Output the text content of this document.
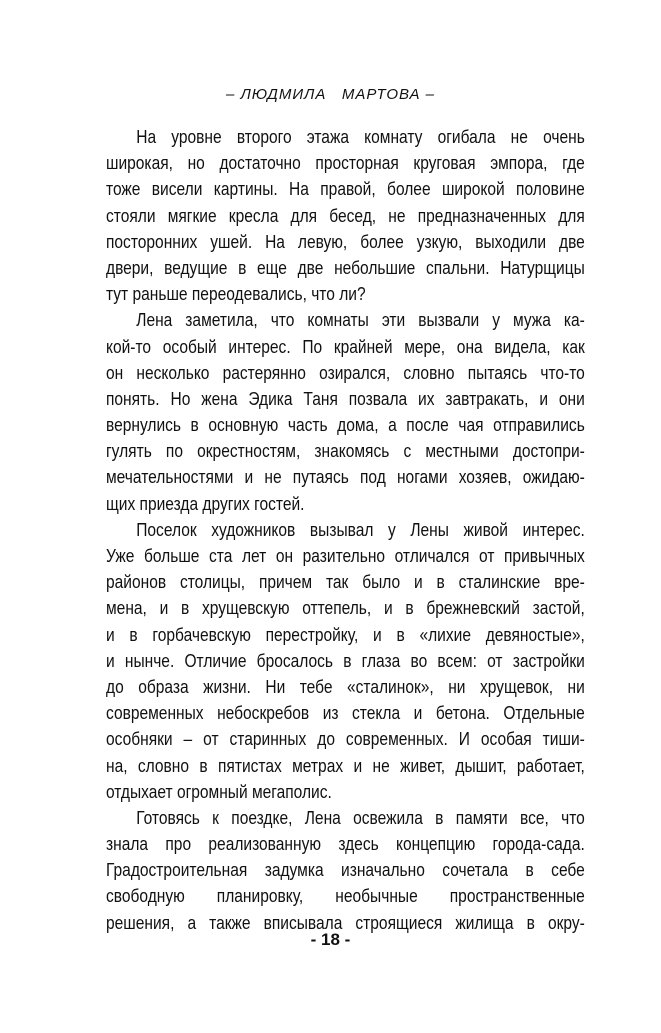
– ЛЮДМИЛА   МАРТОВА –
На уровне второго этажа комнату огибала не очень
широкая, но достаточно просторная круговая эмпора, где
тоже висели картины. На правой, более широкой половине
стояли мягкие кресла для бесед, не предназначенных для
посторонних ушей. На левую, более узкую, выходили две
двери, ведущие в еще две небольшие спальни. Натурщицы
тут раньше переодевались, что ли?
Лена заметила, что комнаты эти вызвали у мужа ка-
кой-то особый интерес. По крайней мере, она видела, как
он несколько растерянно озирался, словно пытаясь что-то
понять. Но жена Эдика Таня позвала их завтракать, и они
вернулись в основную часть дома, а после чая отправились
гулять по окрестностям, знакомясь с местными достопри-
мечательностями и не путаясь под ногами хозяев, ожидаю-
щих приезда других гостей.
Поселок художников вызывал у Лены живой интерес.
Уже больше ста лет он разительно отличался от привычных
районов столицы, причем так было и в сталинские вре-
мена, и в хрущевскую оттепель, и в брежневский застой,
и в горбачевскую перестройку, и в «лихие девяностые»,
и нынче. Отличие бросалось в глаза во всем: от застройки
до образа жизни. Ни тебе «сталинок», ни хрущевок, ни
современных небоскребов из стекла и бетона. Отдельные
особняки – от старинных до современных. И особая тиши-
на, словно в пятистах метрах и не живет, дышит, работает,
отдыхает огромный мегаполис.
Готовясь к поездке, Лена освежила в памяти все, что
знала про реализованную здесь концепцию города-сада.
Градостроительная задумка изначально сочетала в себе
свободную планировку, необычные пространственные
решения, а также вписывала строящиеся жилища в окру-
- 18 -
